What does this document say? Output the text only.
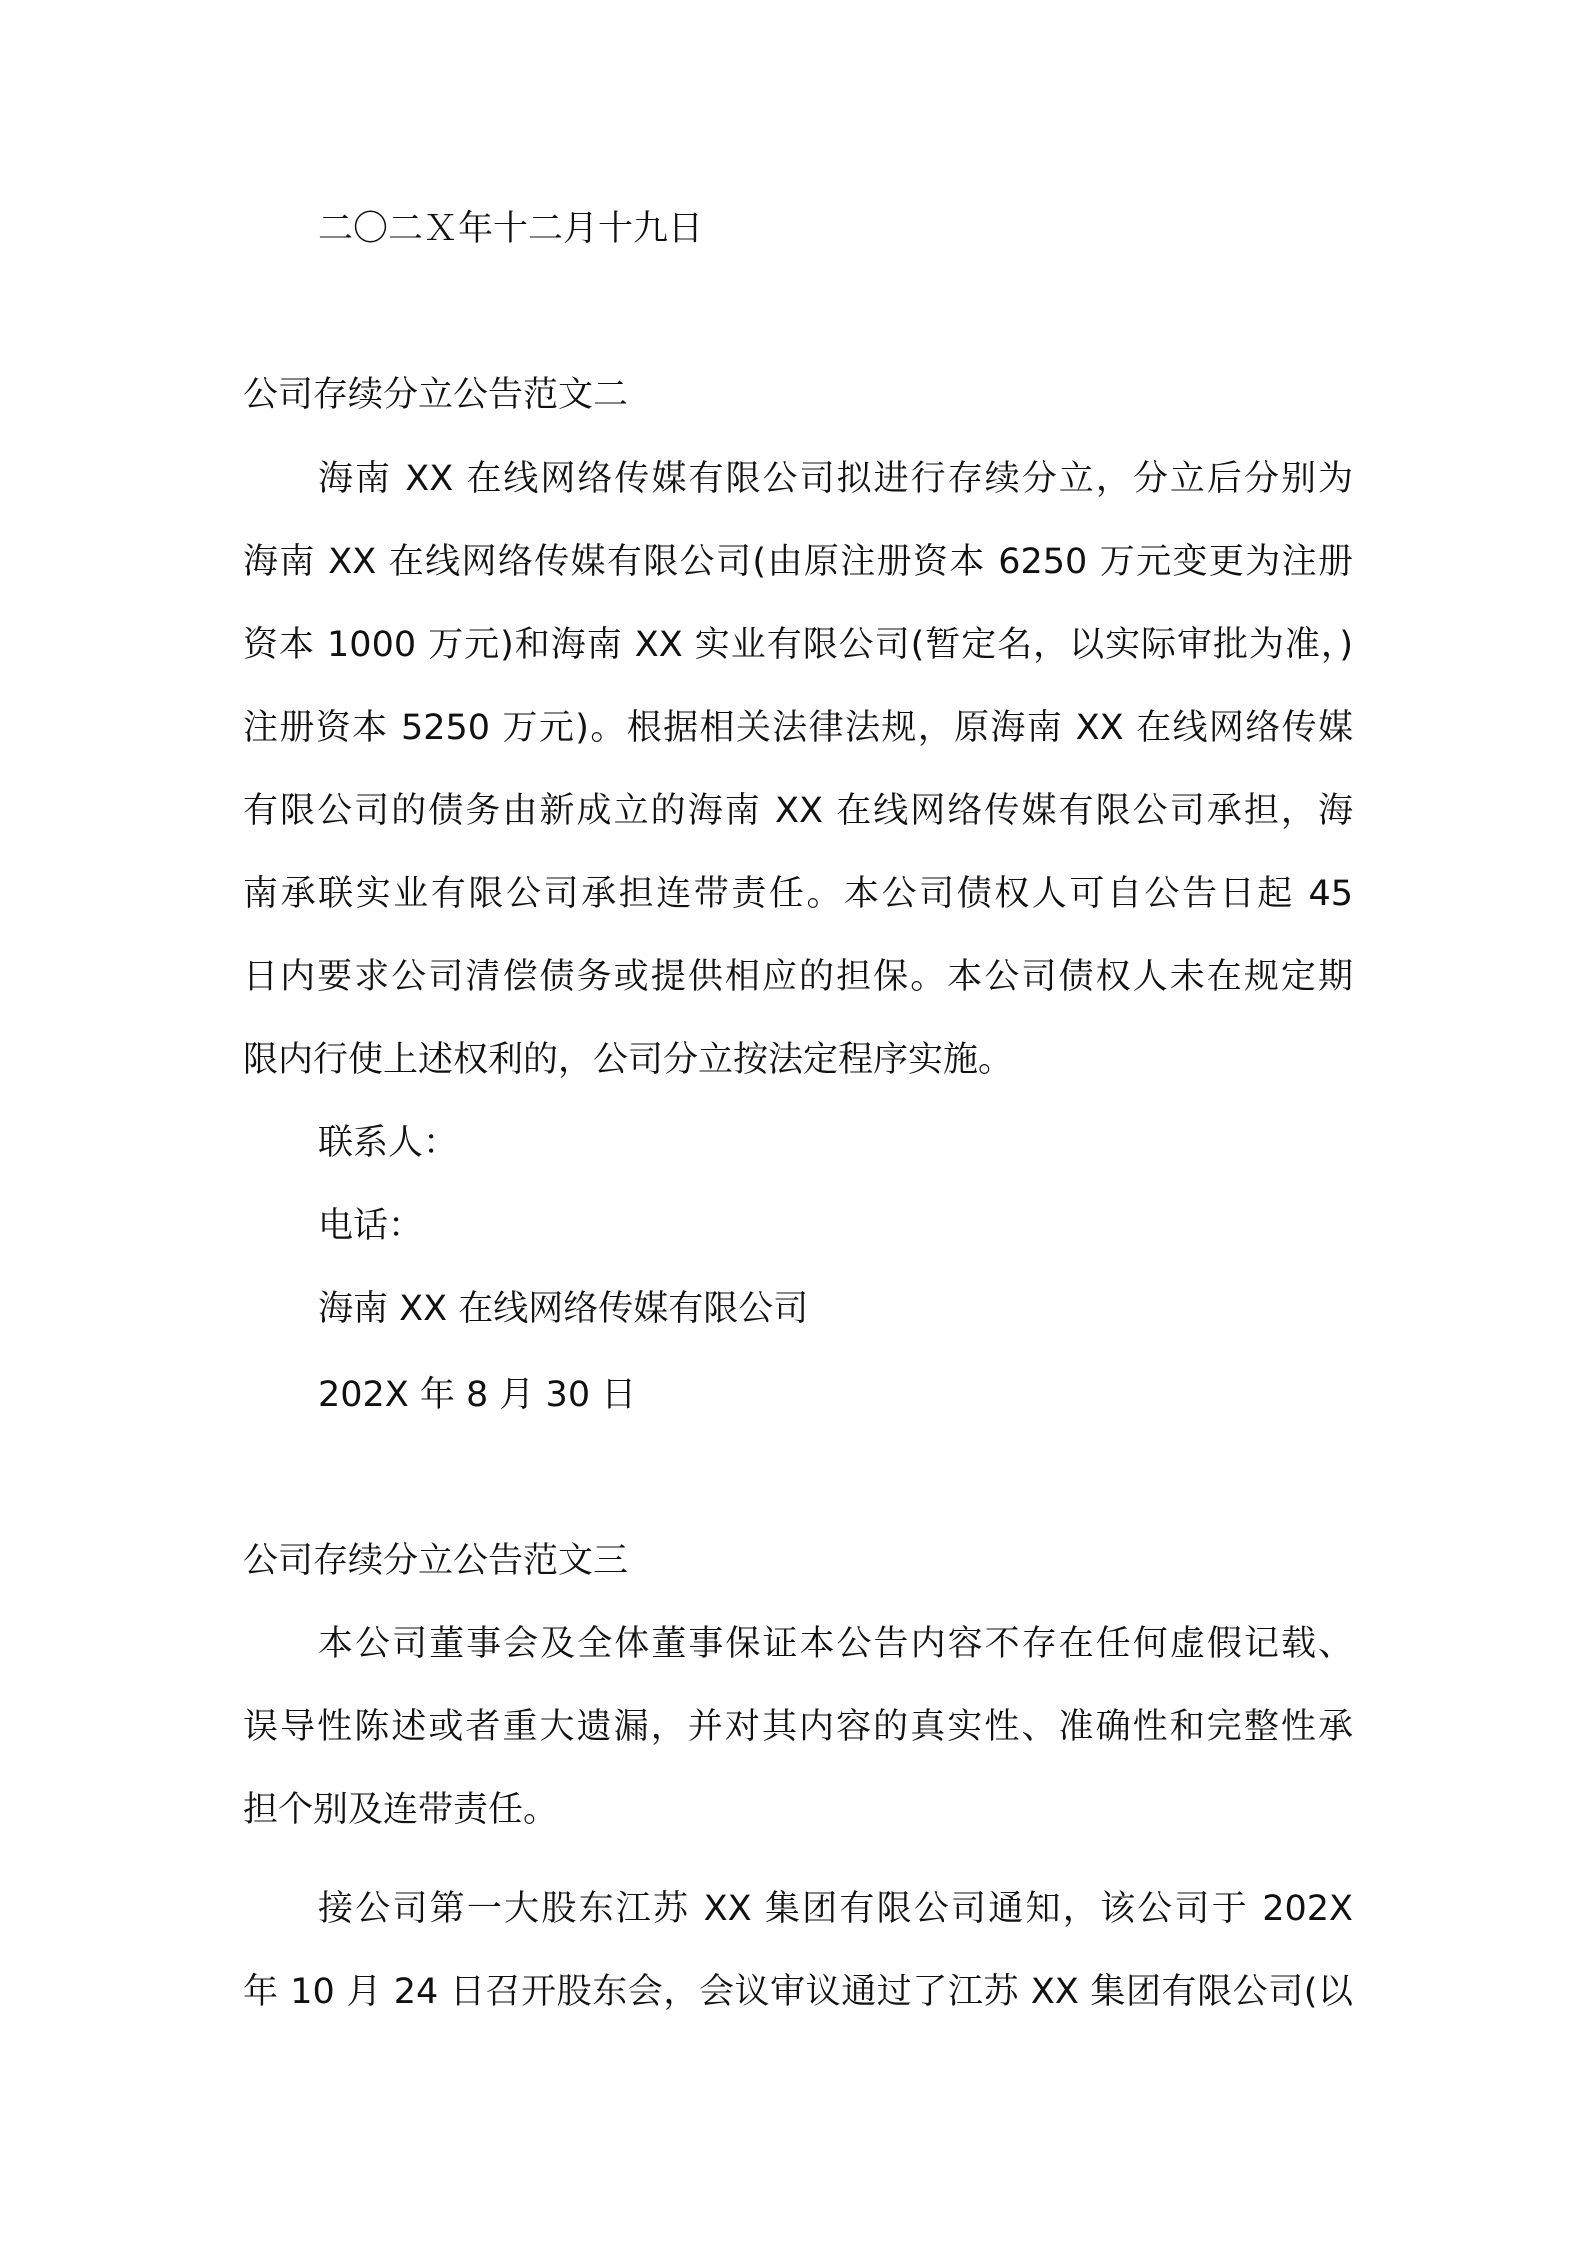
二〇二Ｘ年十二月十九日
公司存续分立公告范文二
海南 XX 在线网络传媒有限公司拟进行存续分立，分立后分别为
海南 XX 在线网络传媒有限公司(由原注册资本 6250 万元变更为注册
资本 1000 万元)和海南 XX 实业有限公司(暂定名，以实际审批为准，)
注册资本 5250 万元)。根据相关法律法规，原海南 XX 在线网络传媒
有限公司的债务由新成立的海南 XX 在线网络传媒有限公司承担，海
南承联实业有限公司承担连带责任。本公司债权人可自公告日起 45
日内要求公司清偿债务或提供相应的担保。本公司债权人未在规定期
限内行使上述权利的，公司分立按法定程序实施。
联系人：
电话：
海南 XX 在线网络传媒有限公司
202X 年 8 月 30 日
公司存续分立公告范文三
本公司董事会及全体董事保证本公告内容不存在任何虚假记载、
误导性陈述或者重大遗漏，并对其内容的真实性、准确性和完整性承
担个别及连带责任。
接公司第一大股东江苏 XX 集团有限公司通知，该公司于 202X
年 10 月 24 日召开股东会，会议审议通过了江苏 XX 集团有限公司(以
